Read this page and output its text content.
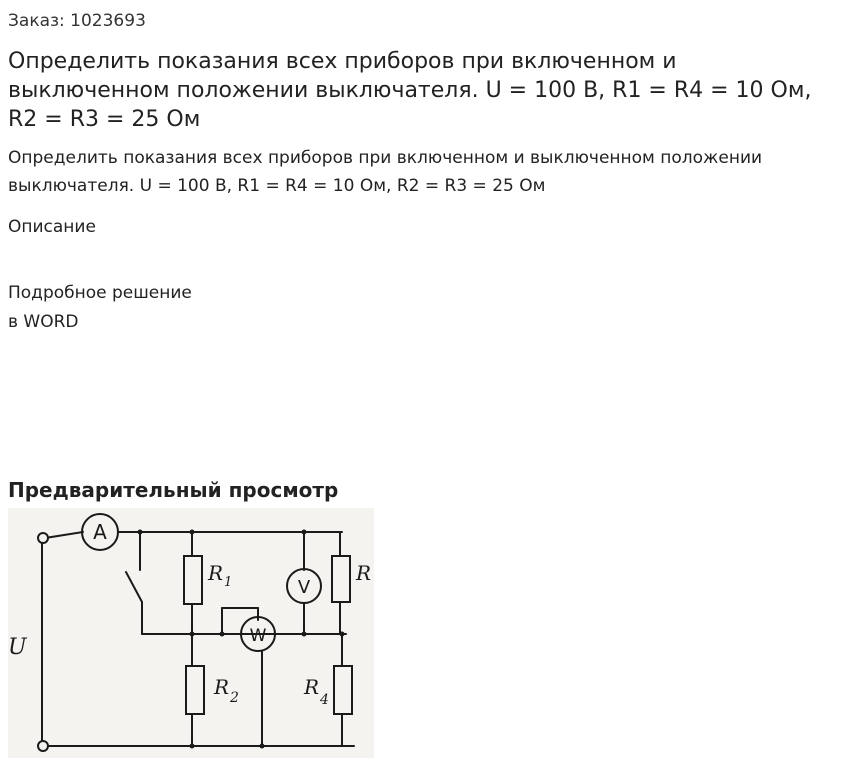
Заказ: 1023693
Определить показания всех приборов при включенном и выключенном положении выключателя. U = 100 В, R1 = R4 = 10 Ом, R2 = R3 = 25 Ом
Определить показания всех приборов при включенном и выключенном положении выключателя. U = 100 В, R1 = R4 = 10 Ом, R2 = R3 = 25 Ом
Описание
Подробное решение
в WORD
Предварительный просмотр
A
V
W
R 1
R 2
R
R
4
U
